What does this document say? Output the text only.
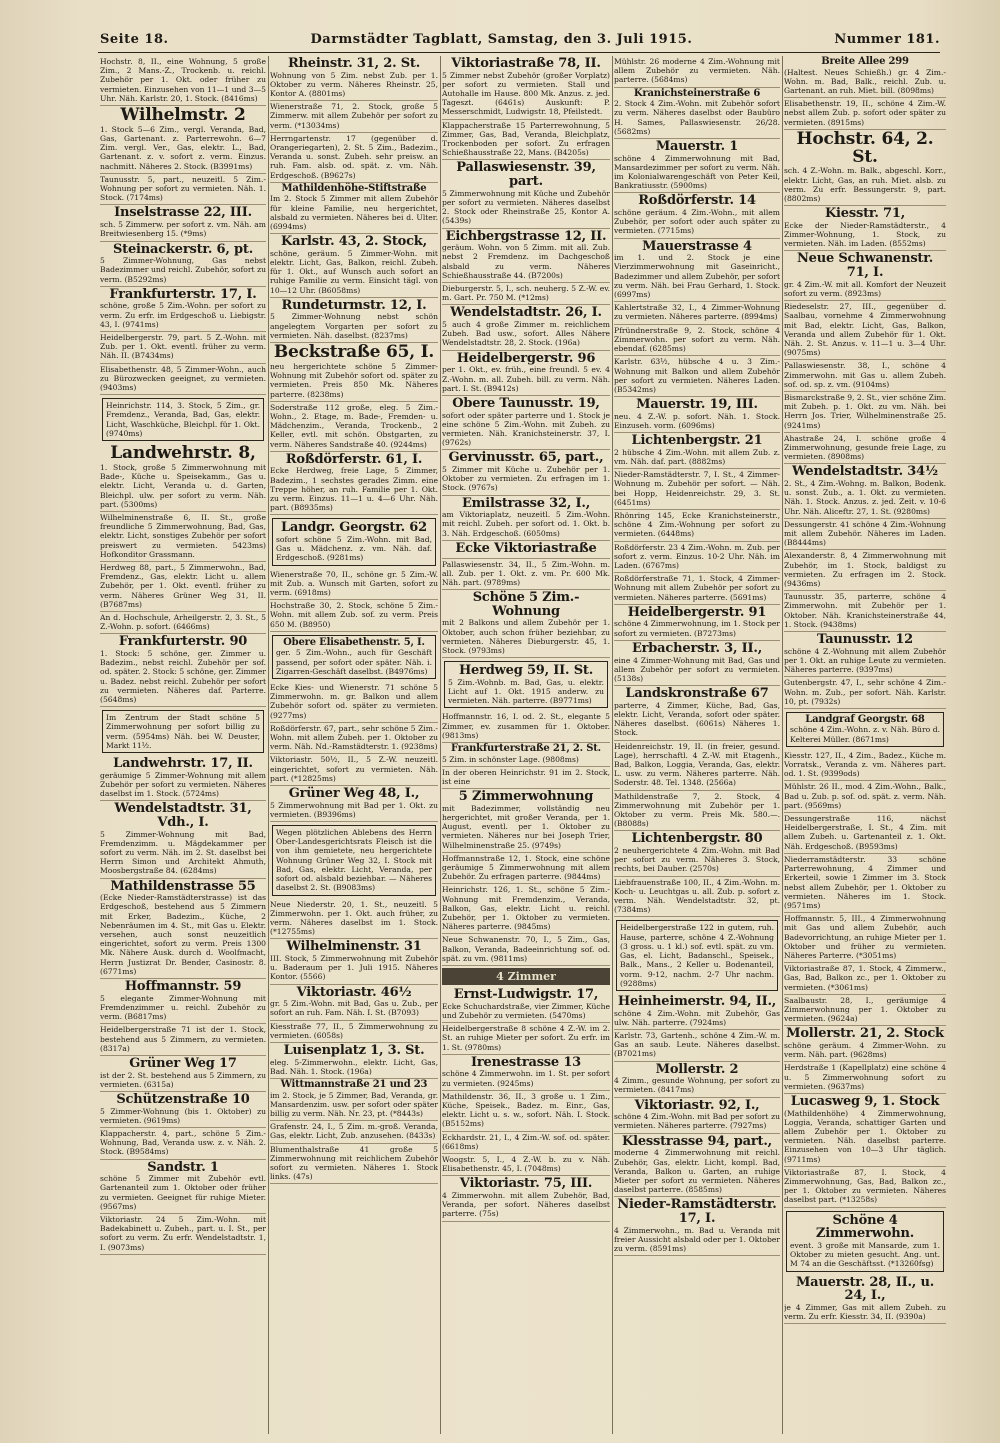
Seite 18.	Darmstädter Tagblatt, Samstag, den 3. Juli 1915.	Nummer 181.

Hochstr. 8, II., eine Wohnung, 5 große Zim., 2 Mans.-Z., Trockenb. u. reichl. Zubehör per 1. Okt. oder früher zu vermieten. Einzusehen von 11—1 und 3—5 Uhr. Näh. Karlstr. 20, 1. Stock. (8416ms)

Wilhelmstr. 2

1. Stock 5—6 Zim., vergl. Veranda, Bad, Gas, Gartenant. z. Parterrewohn. 6—7 Zim. vergl. Ver., Gas, elektr. L., Bad, Gartenant. z. v. sofort z. verm. Einzus. nachmitt. Näheres 2. Stock. (B3991ms)

Taunusstr. 5, part., neuzeitl. 5 Zim.-Wohnung per sofort zu vermieten. Näh. 1. Stock. (7174ms)

Inselstrasse 22, III.

sch. 5 Zimmerw. per sofort z. vm. Näh. am Breitwiesenberg 15. (*9ms)

Steinackerstr. 6, pt.

5 Zimmer-Wohnung, Gas nebst Badezimmer und reichl. Zubehör, sofort zu verm. (B5292ms)

Frankfurterstr. 17, I.

schöne, große 5 Zim.-Wohn. per sofort zu verm. Zu erfr. im Erdgeschoß u. Liebigstr. 43, I. (9741ms)

Heidelbergerstr. 79, part. 5 Z.-Wohn. mit Zub. per 1. Okt. eventl. früher zu verm. Näh. II. (B7434ms)

Elisabethenstr. 48, 5 Zimmer-Wohn., auch zu Bürozwecken geeignet, zu vermieten. (9403ms)

Heinrichstr. 114, 3. Stock, 5 Zim., gr. Fremdenz., Veranda, Bad, Gas, elektr. Licht, Waschküche, Bleichpl. für 1. Okt. (9740ms)

Landwehrstr. 8,

1. Stock, große 5 Zimmerwohnung mit Bade-, Küche u. Speisekamm., Gas u. elektr. Licht, Veranda u. d. Garten, Bleichpl. ulw. per sofort zu verm. Näh. part. (5300ms)

Wilhelminenstraße 6, II. St., große freundliche 5 Zimmerwohnung, Bad, Gas, elektr. Licht, sonstiges Zubehör per sofort preiswert zu vermieten. 5423ms) Hofkonditor Grassmann.

Herdweg 88, part., 5 Zimmerwohn., Bad, Fremdenz., Gas, elektr. Licht u. allem Zubehör, per 1. Okt. eventl. früher zu verm. Näheres Grüner Weg 31, II. (B7687ms)

An d. Hochschule, Arheilgerstr. 2, 3. St., 5 Z.-Wohn. p. sofort. (6466ms)

Frankfurterstr. 90

1. Stock: 5 schöne, ger. Zimmer u. Badezim., nebst reichl. Zubehör per sof. od. später. 2. Stock: 5 schöne, ger. Zimmer u. Badez. nebst reichl. Zubehör per sofort zu vermieten. Näheres daf. Parterre. (5648ms)

Im Zentrum der Stadt schöne 5 Zimmerwohnung per sofort billig zu verm. (5954ms) Näh. bei W. Deuster, Markt 11¹⁄₂.

Landwehrstr. 17, II.

geräumige 5 Zimmer-Wohnung mit allem Zubehör per sofort zu vermieten. Näheres daselbst im 1. Stock. (5724ms)

Wendelstadtstr. 31, Vdh., I.

5 Zimmer-Wohnung mit Bad, Fremdenzimm. u. Mägdekammer per sofort zu verm. Näh. im 2. St. daselbst bei Herrn Simon und Architekt Ahmuth, Moosbergstraße 84. (6284ms)

Mathildenstrasse 55

(Ecke Nieder-Ramstädterstrasse) ist das Erdgeschoß, bestehend aus 5 Zimmern mit Erker, Badezim., Küche, 2 Nebenräumen im 4. St., mit Gas u. Elektr. versehen, auch sonst neuzeitlich eingerichtet, sofort zu verm. Preis 1300 Mk. Nähere Ausk. durch d. Woolfmacht, Herrn Justizrat Dr. Bender, Casinostr. 8. (6771ms)

Hoffmannstr. 59

5 elegante Zimmer-Wohnung mit Fremdenzimmer u. reichl. Zubehör zu verm. (B6817ms)

Heidelbergerstraße 71 ist der 1. Stock, bestehend aus 5 Zimmern, zu vermieten. (8317a)

Grüner Weg 17

ist der 2. St. bestehend aus 5 Zimmern, zu vermieten. (6315a)

Schützenstraße 10

5 Zimmer-Wohnung (bis 1. Oktober) zu vermieten. (9619ms)

Klappacherstr. 4, part., schöne 5 Zim.-Wohnung, Bad, Veranda usw. z. v. Näh. 2. Stock. (B9584ms)

Sandstr. 1

schöne 5 Zimmer mit Zubehör evtl. Gartenanteil zum 1. Oktober oder früher zu vermieten. Geeignet für ruhige Mieter. (9567ms)

Viktoriastr. 24 5 Zim.-Wohn. mit Badekabinett u. Zubeh., part. u. I. St., per sofort zu verm. Zu erfr. Wendelstadtstr. 1, I. (9073ms)

Rheinstr. 31, 2. St.

Wohnung von 5 Zim. nebst Zub. per 1. Oktober zu verm. Näheres Rheinstr. 25, Kontor A. (8801ms)

Wienerstraße 71, 2. Stock, große 5 Zimmerw. mit allem Zubehör per sofort zu verm. (*13034ms)

Herrngartenstr. 17 (gegenüber d. Orangeriegarten), 2. St. 5 Zim., Badezim., Veranda u. sonst. Zubeh. sehr preisw. an ruh. Fam. alsb. od. spät. z. vm. Näh. Erdgeschoß. (B9627s)

Mathildenhöhe-Stiftstraße

Im 2. Stock 5 Zimmer mit allem Zubehör für kleine Familie, neu hergerichtet, alsbald zu vermieten. Näheres bei d. Ulter. (6994ms)

Karlstr. 43, 2. Stock,

schöne, geräum. 5 Zimmer-Wohn. mit elektr. Licht, Gas, Balkon, reichl. Zubeh. für 1. Okt., auf Wunsch auch sofort an ruhige Familie zu verm. Einsicht tägl. von 10—12 Uhr. (B6058ms)

Rundeturmstr. 12, I.

5 Zimmer-Wohnung nebst schön angelegtem Vorgarten per sofort zu vermieten. Näh. daselbst. (8237ms)

Beckstraße 65, I.

neu hergerichtete schöne 5 Zimmer-Wohnung mit Zubehör sofort od. später zu vermieten. Preis 850 Mk. Näheres parterre. (8238ms)

Soderstraße 112 große, eleg. 5 Zim.-Wohn., 2. Etage, m. Bade-, Fremden- u. Mädchenzim., Veranda, Trockenb., 2 Keller, evtl. mit schön. Obstgarten, zu verm. Näheres Sandstraße 40. (9244ms)

Roßdörferstr. 61, I.

Ecke Herdweg, freie Lage, 5 Zimmer, Badezim., 1 sechstes gerades Zimm. eine Treppe höher, an ruh. Familie per 1. Okt. zu verm. Einzus. 11—1 u. 4—6 Uhr. Näh. part. (B8935ms)

Landgr. Georgstr. 62

sofort schöne 5 Zim.-Wohn. mit Bad, Gas u. Mädchenz. z. vm. Näh. daf. Erdgeschoß. (9281ms)

Wienerstraße 70, II., schöne gr. 5 Zim.-W. mit Zub. a. Wunsch mit Garten, sofort zu verm. (6918ms)

Hochstraße 30, 2. Stock, schöne 5 Zim.-Wohn. mit allem Zub. sof. zu verm. Preis 650 M. (B8950)

Obere Elisabethenstr. 5, I.

ger. 5 Zim.-Wohn., auch für Geschäft passend, per sofort oder später. Näh. i. Zigarren-Geschäft daselbst. (B4976ms)

Ecke Kies- und Wienerstr. 71 schöne 5 Zimmerwohn. m. gr. Balkon und allem Zubehör sofort od. später zu vermieten. (9277ms)

Roßdörferstr. 67, part., sehr schöne 5 Zim.-Wohn. mit allem Zubeh. per 1. Oktober zu verm. Näh. Nd.-Ramstädterstr. 1. (9238ms)

Viktoriastr. 50¹⁄₂, II., 5 Z.-W. neuzeitl. eingerichtet, sofort zu vermieten. Näh. part. (*12825ms)

Grüner Weg 48, I.,

5 Zimmerwohnung mit Bad per 1. Okt. zu vermieten. (B9396ms)

Wegen plötzlichen Ablebens des Herrn Ober-Landesgerichtsrats Fleisch ist die von ihm gemietete, neu hergerichtete Wohnung Grüner Weg 32, I. Stock mit Bad, Gas, elektr. Licht, Veranda, per sofort od. alsbald beziehbar. — Näheres daselbst 2. St. (B9083ms)

Neue Niederstr. 20, 1. St., neuzeitl. 5 Zimmerwohn. per 1. Okt. auch früher, zu verm. Näheres daselbst im 1. Stock. (*12755ms)

Wilhelminenstr. 31

III. Stock, 5 Zimmerwohnung mit Zubehör u. Baderaum per 1. Juli 1915. Näheres Kontor. (5566)

Viktoriastr. 46¹⁄₂

gr. 5 Zim.-Wohn. mit Bad, Gas u. Zub., per sofort an ruh. Fam. Näh. I. St. (B7093)

Kiesstraße 77, II., 5 Zimmerwohnung zu vermieten. (6058s)

Luisenplatz 1, 3. St.

eleg. 5-Zimmerwohn., elektr. Licht, Gas, Bad. Näh. 1. Stock. (196a)

Wittmannstraße 21 und 23

im 2. Stock, je 5 Zimmer, Bad, Veranda, gr. Mansardenzim. usw. per sofort oder später billig zu verm. Näh. Nr. 23, pt. (*8443s)

Grafenstr. 24, I., 5 Zim. m.-groß. Veranda, Gas, elektr. Licht, Zub. anzusehen. (8433s)

Blumenthalstraße 41 große 5 Zimmerwohnung mit reichlichem Zubehör sofort zu vermieten. Näheres 1. Stock links. (47s)

Viktoriastraße 78, II.

5 Zimmer nebst Zubehör (großer Vorplatz) per sofort zu vermieten. Stall und Autohalle im Hause. 800 Mk. Anzus. z. jed. Tageszt. (6461s) Auskunft: P. Messerschmidt, Ludwigstr. 18, Pfeilstedt.

Klappacherstraße 15 Parterrewohnung, 5 Zimmer, Gas, Bad, Veranda, Bleichplatz, Trockenboden per sofort. Zu erfragen Schießhausstraße 22, Mans. (B4205s)

Pallaswiesenstr. 39, part.

5 Zimmerwohnung mit Küche und Zubehör per sofort zu vermieten. Näheres daselbst 2. Stock oder Rheinstraße 25, Kontor A. (5439s)

Eichbergstrasse 12, II.

geräum. Wohn. von 5 Zimm. mit all. Zub. nebst 2 Fremdenz. im Dachgeschoß alsbald zu verm. Näheres Schießhausstraße 44. (B7200s)

Dieburgerstr. 5, I., sch. neuherg. 5 Z.-W. ev. m. Gart. Pr. 750 M. (*12ms)

Wendelstadtstr. 26, I.

5 auch 4 große Zimmer m. reichlichem Zubeh. Bad usw., sofort. Alles Nähere Wendelstadtstr. 28, 2. Stock. (196a)

Heidelbergerstr. 96

per 1. Okt., ev. früh., eine freundl. 5 ev. 4 Z.-Wohn. m. all. Zubeh. bill. zu verm. Näh. part. I. St. (B9412s)

Obere Taunusstr. 19,

sofort oder später parterre und 1. Stock je eine schöne 5 Zim.-Wohn. mit Zubeh. zu vermieten. Näh. Kranichsteinerstr. 37, I. (9762s)

Gervinusstr. 65, part.,

5 Zimmer mit Küche u. Zubehör per 1. Oktober zu vermieten. Zu erfragen im 1. Stock. (9767s)

Emilstrasse 32, I.,

am Viktoriaplatz, neuzeitl. 5 Zim.-Wohn. mit reichl. Zubeh. per sofort od. 1. Okt. b. 3. Näh. Erdgeschoß. (6050ms)

Ecke Viktoriastraße

Pallaswiesenstr. 34, II., 5 Zim.-Wohn. m. all. Zub. per 1. Okt. z. vm. Pr. 600 Mk. Näh. part. (9789ms)

Schöne 5 Zim.-Wohnung

mit 2 Balkons und allem Zubehör per 1. Oktober, auch schon früher beziehbar, zu vermieten. Näheres Dieburgerstr. 45, 1. Stock. (9793ms)

Herdweg 59, II. St.

5 Zim.-Wohnb. m. Bad, Gas, u. elektr. Licht auf 1. Okt. 1915 anderw. zu vermieten. Näh. parterre. (B9771ms)

Hoffmannstr. 16, I. od. 2. St., elegante 5 Zimmer, ev. zusammen für 1. Oktober. (9813ms)

Frankfurterstraße 21, 2. St.

5 Zim. in schönster Lage. (9808ms)

In der oberen Heinrichstr. 91 im 2. Stock, ist eine

5 Zimmerwohnung

mit Badezimmer, vollständig neu hergerichtet, mit großer Veranda, per 1. August, eventl. per 1. Oktober zu vermieten. Näheres nur bei Joseph Trier, Wilhelminenstraße 25. (9749s)

Hoffmannstraße 12, 1. Stock, eine schöne geräumige 5 Zimmerwohnung mit allem Zubehör. Zu erfragen parterre. (9844ms)

Heinrichstr. 126, 1. St., schöne 5 Zim.-Wohnung mit Fremdenzim., Veranda, Balkon, Gas, elektr. Licht u. reichl. Zubehör, per 1. Oktober zu vermieten. Näheres parterre. (9845ms)

Neue Schwanenstr. 70, I., 5 Zim., Gas, Balkon, Veranda, Badeeinrichtung sof. od. spät. zu vm. (9811ms)

4 Zimmer
Ernst-Ludwigstr. 17,

Ecke Schuchardstraße, vier Zimmer, Küche und Zubehör zu vermieten. (5470ms)

Heidelbergerstraße 8 schöne 4 Z.-W. im 2. St. an ruhige Mieter per sofort. Zu erfr. im 1. St. (9780ms)

Irenestrasse 13

schöne 4 Zimmerwohn. im 1. St. per sofort zu vermieten. (9245ms)

Mathildenstr. 36, II., 3 große u. 1 Zim., Küche, Speisek., Badez. m. Einr., Gas, elektr. Licht u. s. w., sofort. Näh. I. Stock. (B5152ms)

Eckhardstr. 21, I., 4 Zim.-W. sof. od. später. (6618ms)

Woogstr. 5, I., 4 Z.-W. b. zu v. Näh. Elisabethenstr. 45, I. (7048ms)

Viktoriastr. 75, III.

4 Zimmerwohn. mit allem Zubehör, Bad, Veranda, per sofort. Näheres daselbst parterre. (75s)

Mühlstr. 26 moderne 4 Zim.-Wohnung mit allem Zubehör zu vermieten. Näh. parterre. (5684ms)

Kranichsteinerstraße 6

2. Stock 4 Zim.-Wohn. mit Zubehör sofort zu verm. Näheres daselbst oder Baubüro H. Sames, Pallaswiesenstr. 26/28. (5682ms)

Mauerstr. 1

schöne 4 Zimmerwohnung mit Bad, Mansardezimmer per sofort zu verm. Näh. im Kolonialwarengeschäft von Peter Keil, Bankratiusstr. (5900ms)

Roßdörferstr. 14

schöne geräum. 4 Zim.-Wohn., mit allem Zubehör, per sofort oder auch später zu vermieten. (7715ms)

Mauerstrasse 4

im 1. und 2. Stock je eine Vierzimmerwohnung mit Gaseinricht., Badezimmer und allem Zubehör, per sofort zu verm. Näh. bei Frau Gerhard, 1. Stock. (6997ms)

Kahlertstraße 32, I., 4 Zimmer-Wohnung zu vermieten. Näheres parterre. (8994ms)

Pfründnerstraße 9, 2. Stock, schöne 4 Zimmerwohn. per sofort zu verm. Näh. ebendaf. (6285ms)

Karlstr. 63¹⁄₂, hübsche 4 u. 3 Zim.-Wohnung mit Balkon und allem Zubehör per sofort zu vermieten. Näheres Laden. (B5342ms)

Mauerstr. 19, III.

neu. 4 Z.-W. p. sofort. Näh. 1. Stock. Einzuseh. vorm. (6096ms)

Lichtenbergstr. 21

2 hübsche 4 Zim.-Wohn. mit allem Zub. z. vm. Näh. daf. part. (8882ms)

Nieder-Ramstädterstr. 7, I. St., 4 Zimmer-Wohnung m. Zubehör per sofort. — Näh. bei Hopp, Heidenreichstr. 29, 3. St. (6451ms)

Rhönring 145, Ecke Kranichsteinerstr., schöne 4 Zim.-Wohnung per sofort zu vermieten. (6448ms)

Roßdörferstr. 23 4 Zim.-Wohn. m. Zub. per sofort z. verm. Einzus. 10-2 Uhr. Näh. im Laden. (6767ms)

Roßdörferstraße 71, 1. Stock, 4 Zimmer-Wohnung mit allem Zubehör per sofort zu vermieten. Näheres parterre. (5691ms)

Heidelbergerstr. 91

schöne 4 Zimmerwohnung, im 1. Stock per sofort zu vermieten. (B7273ms)

Erbacherstr. 3, II.,

eine 4 Zimmer-Wohnung mit Bad, Gas und allem Zubehör per sofort zu vermieten. (5138s)

Landskronstraße 67

parterre, 4 Zimmer, Küche, Bad, Gas, elektr. Licht, Veranda, sofort oder später. Näheres daselbst. (6061s) Näheres 1. Stock.

Heidenreichstr. 19, II. (in freier, gesund. Lage), herrschaftl. 4 Z.-W. mit Etagenh., Bad, Balkon, Loggia, Veranda, Gas, elektr. L. usw. zu verm. Näheres parterre. Näh. Soderstr. 48. Tel. 1348. (2566a)

Mathildenstraße 7, 2. Stock, 4 Zimmerwohnung mit Zubehör per 1. Oktober zu verm. Preis Mk. 580.—. (B8088s)

Lichtenbergstr. 80

2 neuhergerichtete 4 Zim.-Wohn. mit Bad per sofort zu verm. Näheres 3. Stock, rechts, bei Dauber. (2570s)

Liebfrauenstraße 100, II., 4 Zim.-Wohn. m. Koch- u. Leuchtgas u. all. Zub. p. sofort z. verm. Näh. Wendelstadtstr. 32, pt. (7384ms)

Heidelbergerstraße 122 in gutem, ruh. Hause, parterre, schöne 4 Z.-Wohnung (3 gross. u. 1 kl.) sof. evtl. spät. zu vm. Gas, el. Licht, Badanschl., Speisek., Balk., Mans., 2 Keller u. Bodenanteil, vorm. 9-12, nachm. 2-7 Uhr nachm. (9288ms)

Heinheimerstr. 94, II.,

schöne 4 Zim.-Wohn. mit Zubehör, Gas ulw. Näh. parterre. (7924ms)

Karlstr. 73, Gartenh., schöne 4 Zim.-W. m. Gas an saub. Leute. Näheres daselbst. (B7021ms)

Mollerstr. 2

4 Zimm., gesunde Wohnung, per sofort zu vermieten. (8417ms)

Viktoriastr. 92, I.,

schöne 4 Zim.-Wohn. mit Bad per sofort zu vermieten. Näheres parterre. (7927ms)

Klesstrasse 94, part.,

moderne 4 Zimmerwohnung mit reichl. Zubehör, Gas, elektr. Licht, kompl. Bad, Veranda, Balkon u. Garten, an ruhige Mieter per sofort zu vermieten. Näheres daselbst parterre. (8585ms)

Nieder-Ramstädterstr. 17, I.

4 Zimmerwohn., m. Bad u. Veranda mit freier Aussicht alsbald oder per 1. Oktober zu verm. (8591ms)

Breite Allee 299

(Haltest. Neues Schießh.) gr. 4 Zim.-Wohn. m. Bad, Balk., reichl. Zub. u. Gartenant. an ruh. Miet. bill. (8098ms)

Elisabethenstr. 19, II., schöne 4 Zim.-W. nebst allem Zub. p. sofort oder später zu vermieten. (8915ms)

Hochstr. 64, 2. St.

sch. 4 Z.-Wohn. m. Balk., abgeschl. Korr., elektr. Licht, Gas, an ruh. Miet. alsb. zu verm. Zu erfr. Bessungerstr. 9, part. (8802ms)

Kiesstr. 71,

Ecke der Nieder-Ramstädterstr., 4 Zimmer-Wohnung, 1. Stock, zu vermieten. Näh. im Laden. (8552ms)

Neue Schwanenstr. 71, I.

gr. 4 Zim.-W. mit all. Komfort der Neuzeit sofort zu verm. (8923ms)

Riedeselstr. 27, III., gegenüber d. Saalbau, vornehme 4 Zimmerwohnung mit Bad, elektr. Licht, Gas, Balkon, Veranda und allem Zubehör für 1. Okt. Näh. 2. St. Anzus. v. 11—1 u. 3—4 Uhr. (9075ms)

Pallaswiesenstr. 38, I., schöne 4 Zimmerwohn. mit Gas u. allem Zubeh. sof. od. sp. z. vm. (9104ms)

Bismarckstraße 9, 2. St., vier schöne Zim. mit Zubeh. p. 1. Okt. zu vm. Näh. bei Herrn Jos. Trier, Wilhelminenstraße 25. (9241ms)

Ahastraße 24, I. schöne große 4 Zimmerwohnung, gesunde freie Lage, zu vermieten. (8908ms)

Wendelstadtstr. 34¹⁄₂

2. St., 4 Zim.-Wohng. m. Balkon, Bodenk. u. sonst. Zub., a. 1. Okt. zu vermieten. Näh. 1. Stock. Anzus. z. jed. Zeit. v. 10-6 Uhr. Näh. Aliceftr. 27, 1. St. (9280ms)

Dessungerstr. 41 schöne 4 Zim.-Wohnung mit allem Zubehör. Näheres im Laden. (B8444ms)

Alexanderstr. 8, 4 Zimmerwohnung mit Zubehör, im 1. Stock, baldigst zu vermieten. Zu erfragen im 2. Stock. (9436ms)

Taunusstr. 35, parterre, schöne 4 Zimmerwohn. mit Zubehör per 1. Oktober. Näh. Kranichsteinerstraße 44, 1. Stock. (9438ms)

Taunusstr. 12

schöne 4 Z.-Wohnung mit allem Zubehör per 1. Okt. an ruhige Leute zu vermieten. Näheres parterre. (9397ms)

Gutenbergstr. 47, I., sehr schöne 4 Zim.-Wohn. m. Zub., per sofort. Näh. Karlstr. 10, pt. (7932s)

Landgraf Georgstr. 68

schöne 4 Zim.-Wohn. z. v. Näh. Büro d. Kelterei Müller. (8671ms)

Kiesstr. 127, II., 4 Zim., Badez., Küche m. Vorratsk., Veranda z. vm. Näheres part. od. 1. St. (9399ods)

Mühlstr. 26 II., mod. 4 Zim.-Wohn., Balk., Bad u. Zub. p. sof. od. spät. z. verm. Näh. part. (9569ms)

Dessungerstraße 116, nächst Heidelbergerstraße, I. St., 4 Zim. mit allem Zubeh. u. Gartenanteil z. 1. Okt. Näh. Erdgeschoß. (B9593ms)

Niederramstädterstr. 33 schöne Parterrewohnung, 4 Zimmer und Erkerteil, sowie 1 Zimmer im 3. Stock nebst allem Zubehör, per 1. Oktober zu vermieten. Näheres im 1. Stock. (9571ms)

Hoffmannstr. 5, III., 4 Zimmerwohnung mit Gas und allem Zubehör, auch Badevorrichtung, an ruhige Mieter per 1. Oktober und früher zu vermieten. Näheres Parterre. (*3051ms)

Viktoriastraße 87, 1. Stock, 4 Zimmerw., Gas, Bad, Balkon zc., per 1. Oktober zu vermieten. (*3061ms)

Saalbaustr. 28, I., geräumige 4 Zimmerwohnung per 1. Oktober zu vermieten. (9624a)

Mollerstr. 21, 2. Stock

schöne geräum. 4 Zimmer-Wohn. zu verm. Näh. part. (9628ms)

Herdstraße 1 (Kapellplatz) eine schöne 4 u. 5 Zimmerwohnung sofort zu vermieten. (9637ms)

Lucasweg 9, 1. Stock

(Mathildenhöhe) 4 Zimmerwohnung, Loggia, Veranda, schattiger Garten und allem Zubehör per 1. Oktober zu vermieten. Näh. daselbst parterre. Einzusehen von 10—3 Uhr täglich. (9711ms)

Viktoriastraße 87, I. Stock, 4 Zimmerwohnung, Gas, Bad, Balkon zc., per 1. Oktober zu vermieten. Näheres daselbst part. (*13258s)

Schöne 4 Zimmerwohn.

event. 3 große mit Mansarde, zum 1. Oktober zu mieten gesucht. Ang. unt. M 74 an die Geschäftsst. (*13260fsg)

Mauerstr. 28, II., u. 24, I.,

je 4 Zimmer, Gas mit allem Zubeh. zu verm. Zu erfr. Kiesstr. 34, II. (9390a)
